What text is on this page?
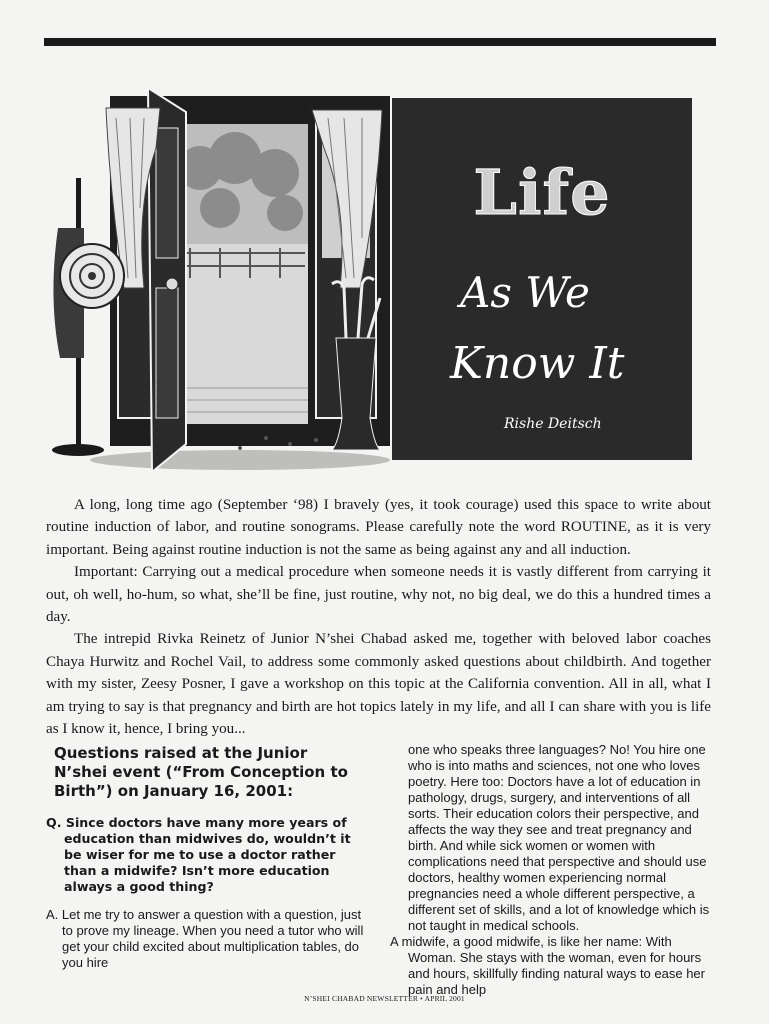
Life
As We
Know It
Rishe Deitsch

A long, long time ago (September ‘98) I bravely (yes, it took courage) used this space to write about routine induction of labor, and routine sonograms. Please carefully note the word ROUTINE, as it is very important. Being against routine induction is not the same as being against any and all induction.

Important: Carrying out a medical procedure when someone needs it is vastly different from carrying it out, oh well, ho-hum, so what, she’ll be fine, just routine, why not, no big deal, we do this a hundred times a day.

The intrepid Rivka Reinetz of Junior N’shei Chabad asked me, together with beloved labor coaches Chaya Hurwitz and Rochel Vail, to address some commonly asked questions about childbirth. And together with my sister, Zeesy Posner, I gave a workshop on this topic at the California convention. All in all, what I am trying to say is that pregnancy and birth are hot topics lately in my life, and all I can share with you is life as I know it, hence, I bring you...

Questions raised at the Junior N’shei event (“From Conception to Birth”) on January 16, 2001:
Q. Since doctors have many more years of education than midwives do, wouldn’t it be wiser for me to use a doctor rather than a midwife? Isn’t more education always a good thing?
A. Let me try to answer a question with a question, just to prove my lineage. When you need a tutor who will get your child excited about multiplication tables, do you hire

one who speaks three languages? No! You hire one who is into maths and sciences, not one who loves poetry. Here too: Doctors have a lot of education in pathology, drugs, surgery, and interventions of all sorts. Their education colors their perspective, and affects the way they see and treat pregnancy and birth. And while sick women or women with complications need that perspective and should use doctors, healthy women experiencing normal pregnancies need a whole different perspective, a different set of skills, and a lot of knowledge which is not taught in medical schools.

A midwife, a good midwife, is like her name: With Woman. She stays with the woman, even for hours and hours, skillfully finding natural ways to ease her pain and help

N’SHEI CHABAD NEWSLETTER • APRIL 2001
